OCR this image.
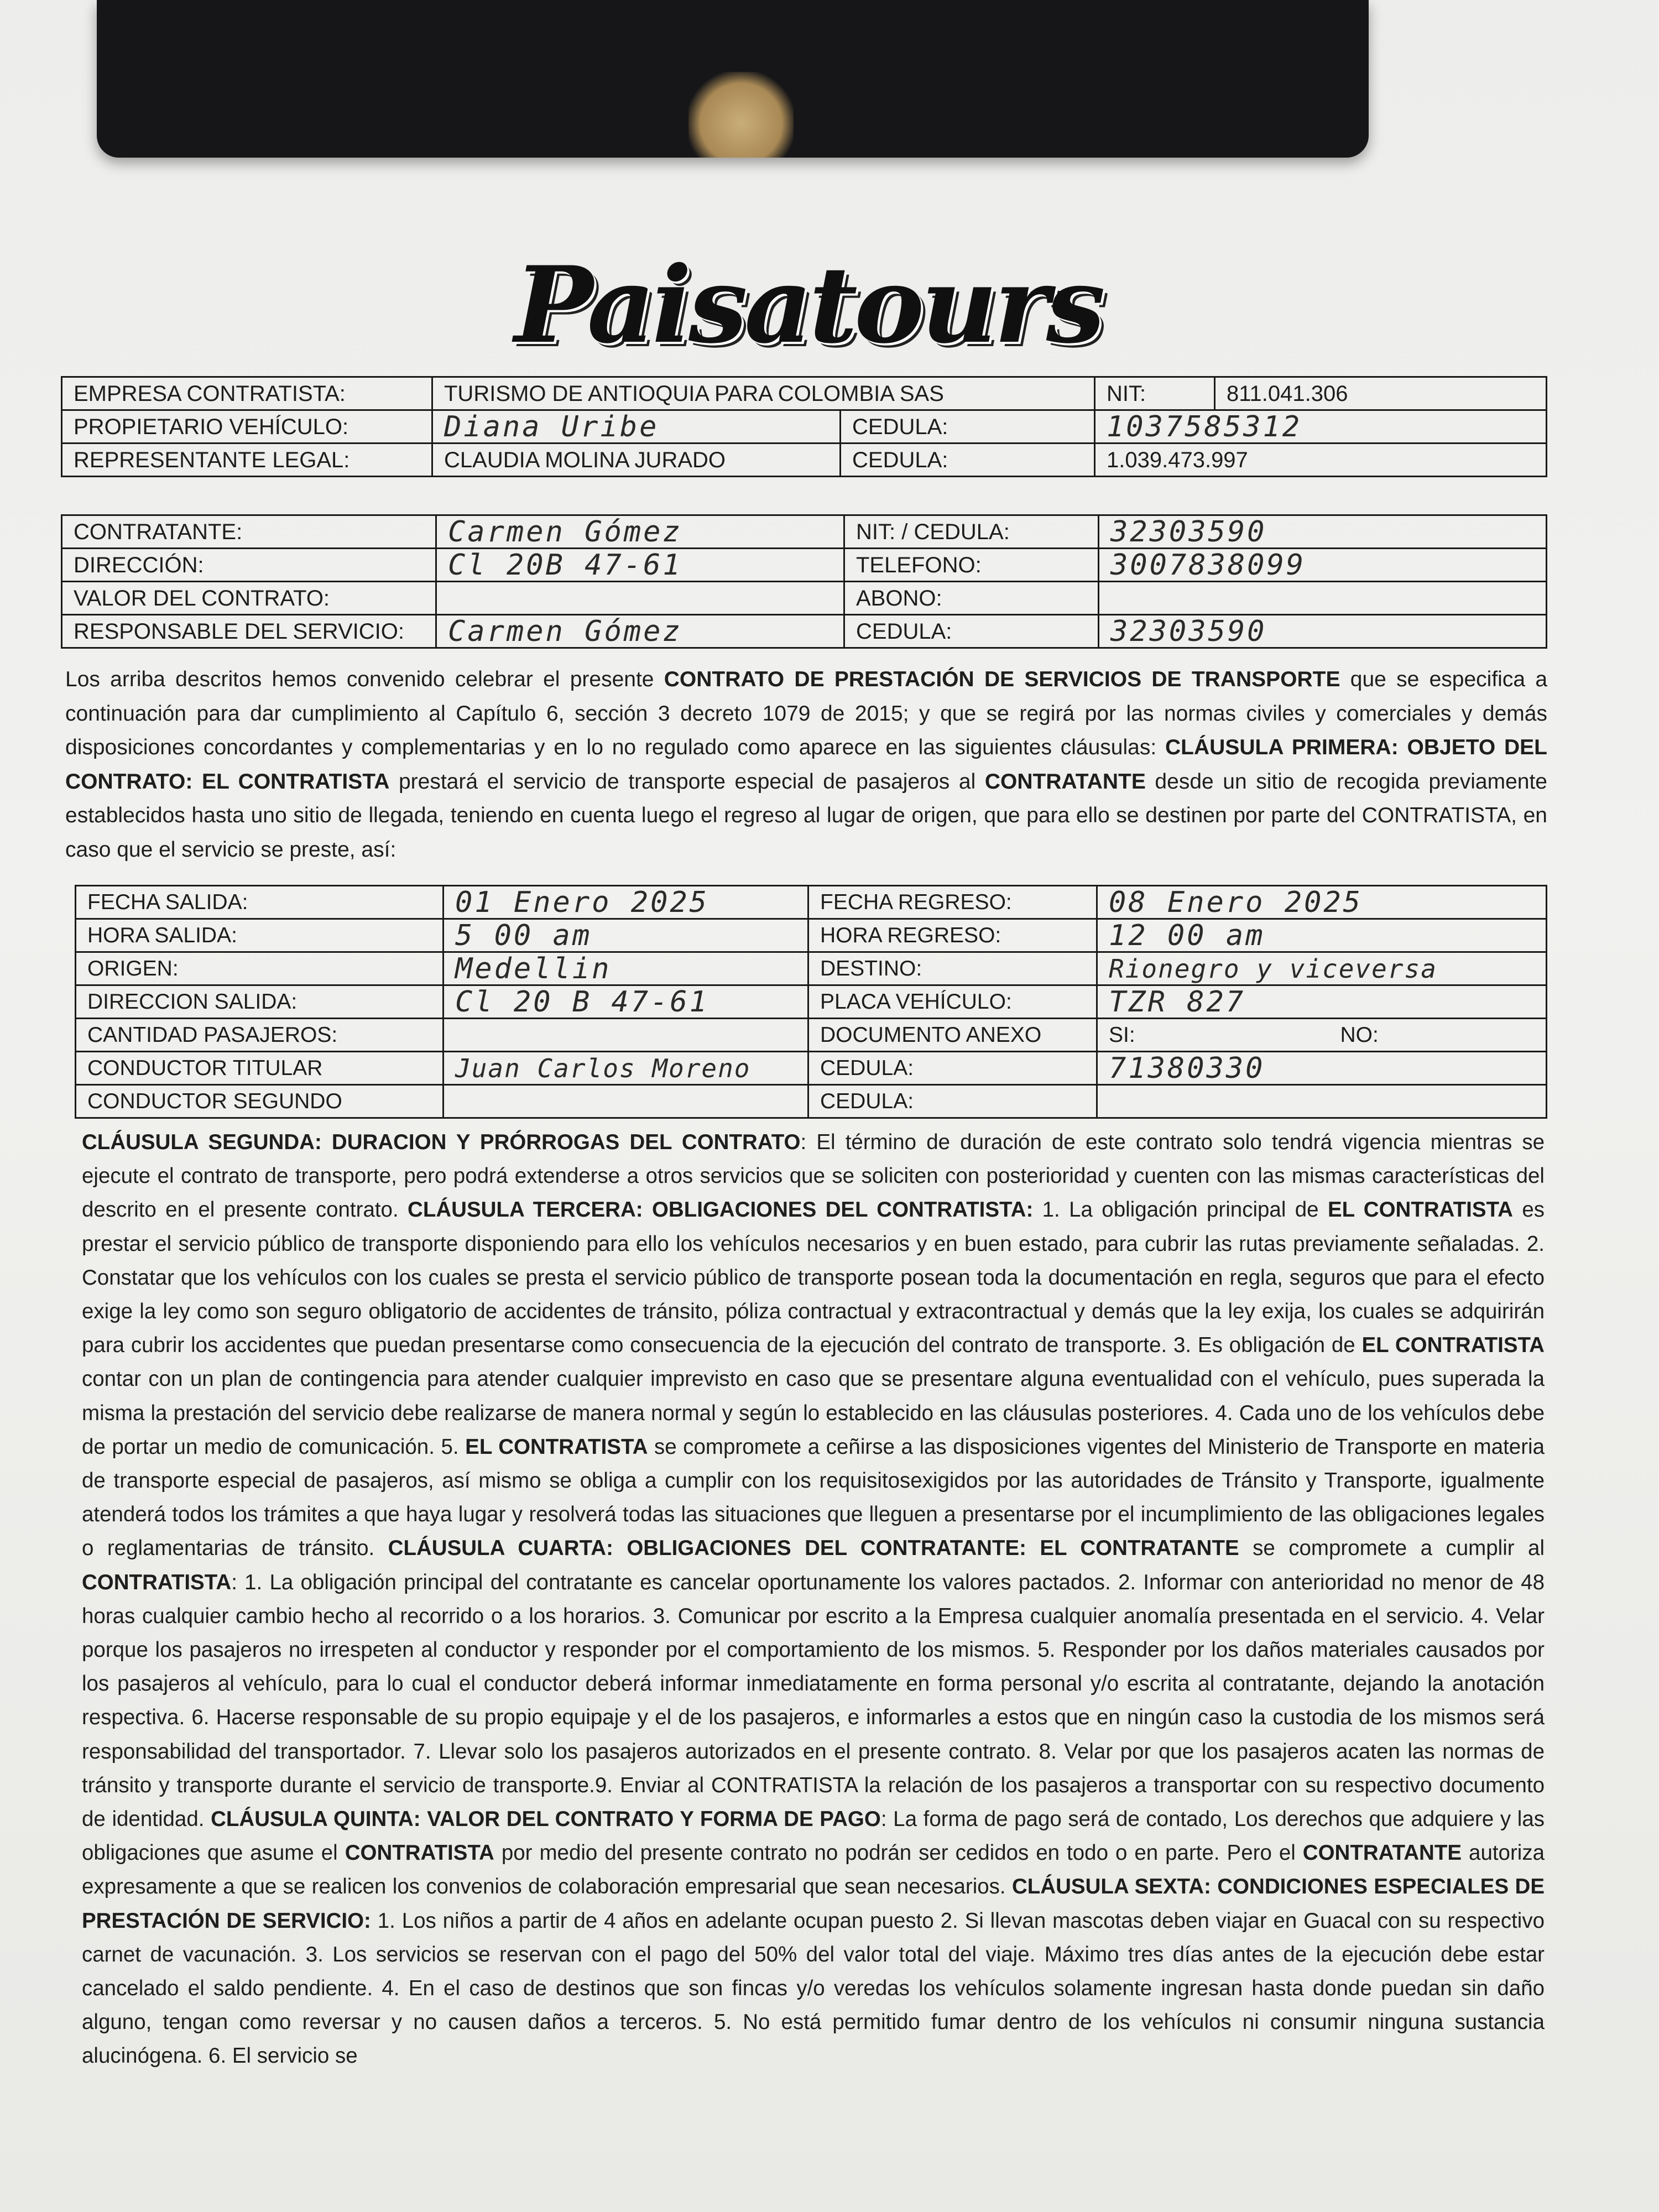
Paisatours
EMPRESA CONTRATISTA:	TURISMO DE ANTIOQUIA PARA COLOMBIA SAS		NIT:	811.041.306
PROPIETARIO VEHÍCULO:	Diana Uribe	CEDULA:	1037585312	
REPRESENTANTE LEGAL:	CLAUDIA MOLINA JURADO	CEDULA:	1.039.473.997	
CONTRATANTE:	Carmen Gómez	NIT: / CEDULA:	32303590
DIRECCIÓN:	Cl 20B 47-61	TELEFONO:	3007838099
VALOR DEL CONTRATO:		ABONO:	
RESPONSABLE DEL SERVICIO:	Carmen Gómez	CEDULA:	32303590
Los arriba descritos hemos convenido celebrar el presente CONTRATO DE PRESTACIÓN DE SERVICIOS DE TRANSPORTE que se especifica a continuación para dar cumplimiento al Capítulo 6, sección 3 decreto 1079 de 2015; y que se regirá por las normas civiles y comerciales y demás disposiciones concordantes y complementarias y en lo no regulado como aparece en las siguientes cláusulas: CLÁUSULA PRIMERA: OBJETO DEL CONTRATO: EL CONTRATISTA prestará el servicio de transporte especial de pasajeros al CONTRATANTE desde un sitio de recogida previamente establecidos hasta uno sitio de llegada, teniendo en cuenta luego el regreso al lugar de origen, que para ello se destinen por parte del CONTRATISTA, en caso que el servicio se preste, así:
FECHA SALIDA:	01 Enero 2025	FECHA REGRESO:	08 Enero 2025	
HORA SALIDA:	5 00 am	HORA REGRESO:	12 00 am	
ORIGEN:	Medellin	DESTINO:	Rionegro y viceversa	
DIRECCION SALIDA:	Cl 20 B 47-61	PLACA VEHÍCULO:	TZR 827	
CANTIDAD PASAJEROS:		DOCUMENTO ANEXO	SI:	NO:
CONDUCTOR TITULAR	Juan Carlos Moreno	CEDULA:	71380330	
CONDUCTOR SEGUNDO		CEDULA:		
CLÁUSULA SEGUNDA: DURACION Y PRÓRROGAS DEL CONTRATO: El término de duración de este contrato solo tendrá vigencia mientras se ejecute el contrato de transporte, pero podrá extenderse a otros servicios que se soliciten con posterioridad y cuenten con las mismas características del descrito en el presente contrato. CLÁUSULA TERCERA: OBLIGACIONES DEL CONTRATISTA: 1. La obligación principal de EL CONTRATISTA es prestar el servicio público de transporte disponiendo para ello los vehículos necesarios y en buen estado, para cubrir las rutas previamente señaladas. 2. Constatar que los vehículos con los cuales se presta el servicio público de transporte posean toda la documentación en regla, seguros que para el efecto exige la ley como son seguro obligatorio de accidentes de tránsito, póliza contractual y extracontractual y demás que la ley exija, los cuales se adquirirán para cubrir los accidentes que puedan presentarse como consecuencia de la ejecución del contrato de transporte. 3. Es obligación de EL CONTRATISTA contar con un plan de contingencia para atender cualquier imprevisto en caso que se presentare alguna eventualidad con el vehículo, pues superada la misma la prestación del servicio debe realizarse de manera normal y según lo establecido en las cláusulas posteriores. 4. Cada uno de los vehículos debe de portar un medio de comunicación. 5. EL CONTRATISTA se compromete a ceñirse a las disposiciones vigentes del Ministerio de Transporte en materia de transporte especial de pasajeros, así mismo se obliga a cumplir con los requisitosexigidos por las autoridades de Tránsito y Transporte, igualmente atenderá todos los trámites a que haya lugar y resolverá todas las situaciones que lleguen a presentarse por el incumplimiento de las obligaciones legales o reglamentarias de tránsito. CLÁUSULA CUARTA: OBLIGACIONES DEL CONTRATANTE: EL CONTRATANTE se compromete a cumplir al CONTRATISTA: 1. La obligación principal del contratante es cancelar oportunamente los valores pactados. 2. Informar con anterioridad no menor de 48 horas cualquier cambio hecho al recorrido o a los horarios. 3. Comunicar por escrito a la Empresa cualquier anomalía presentada en el servicio. 4. Velar porque los pasajeros no irrespeten al conductor y responder por el comportamiento de los mismos. 5. Responder por los daños materiales causados por los pasajeros al vehículo, para lo cual el conductor deberá informar inmediatamente en forma personal y/o escrita al contratante, dejando la anotación respectiva. 6. Hacerse responsable de su propio equipaje y el de los pasajeros, e informarles a estos que en ningún caso la custodia de los mismos será responsabilidad del transportador. 7. Llevar solo los pasajeros autorizados en el presente contrato. 8. Velar por que los pasajeros acaten las normas de tránsito y transporte durante el servicio de transporte.9. Enviar al CONTRATISTA la relación de los pasajeros a transportar con su respectivo documento de identidad. CLÁUSULA QUINTA: VALOR DEL CONTRATO Y FORMA DE PAGO: La forma de pago será de contado, Los derechos que adquiere y las obligaciones que asume el CONTRATISTA por medio del presente contrato no podrán ser cedidos en todo o en parte. Pero el CONTRATANTE autoriza expresamente a que se realicen los convenios de colaboración empresarial que sean necesarios. CLÁUSULA SEXTA: CONDICIONES ESPECIALES DE PRESTACIÓN DE SERVICIO: 1. Los niños a partir de 4 años en adelante ocupan puesto 2. Si llevan mascotas deben viajar en Guacal con su respectivo carnet de vacunación. 3. Los servicios se reservan con el pago del 50% del valor total del viaje. Máximo tres días antes de la ejecución debe estar cancelado el saldo pendiente. 4. En el caso de destinos que son fincas y/o veredas los vehículos solamente ingresan hasta donde puedan sin daño alguno, tengan como reversar y no causen daños a terceros. 5. No está permitido fumar dentro de los vehículos ni consumir ninguna sustancia alucinógena. 6. El servicio se
